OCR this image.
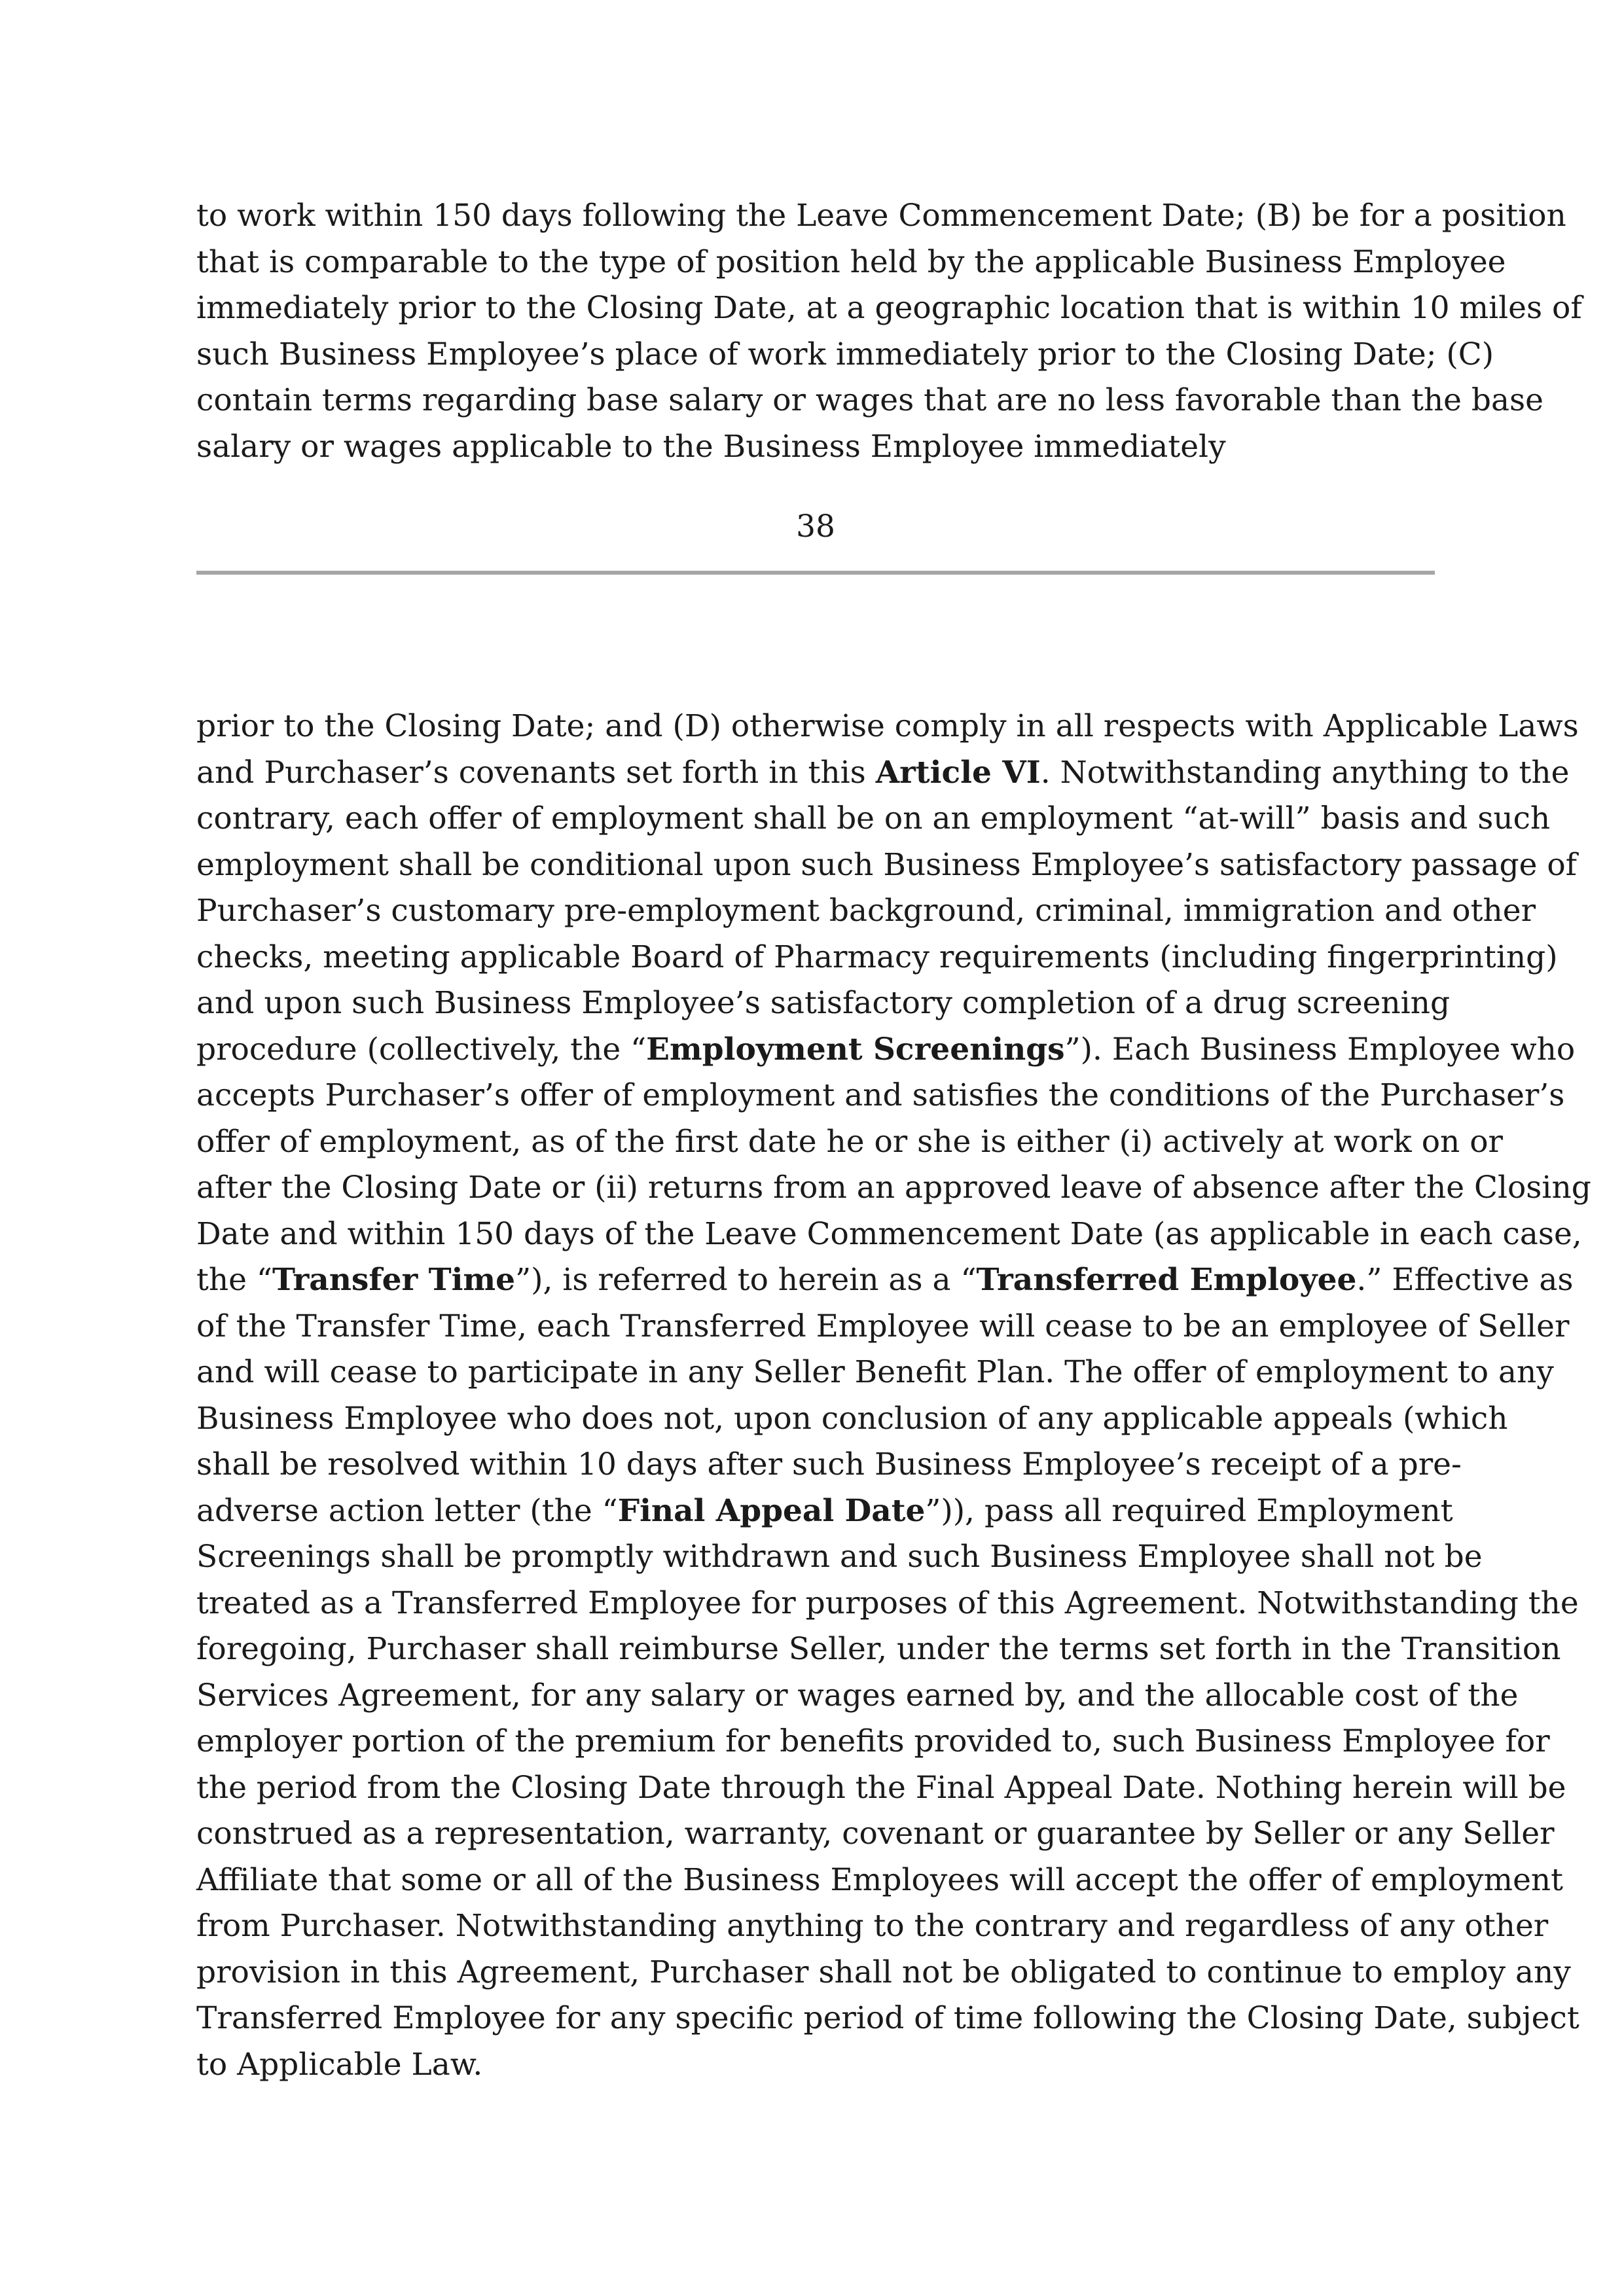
to work within 150 days following the Leave Commencement Date; (B) be for a position
that is comparable to the type of position held by the applicable Business Employee
immediately prior to the Closing Date, at a geographic location that is within 10 miles of
such Business Employee’s place of work immediately prior to the Closing Date; (C)
contain terms regarding base salary or wages that are no less favorable than the base
salary or wages applicable to the Business Employee immediately
38
prior to the Closing Date; and (D) otherwise comply in all respects with Applicable Laws
and Purchaser’s covenants set forth in this Article VI. Notwithstanding anything to the
contrary, each offer of employment shall be on an employment “at-will” basis and such
employment shall be conditional upon such Business Employee’s satisfactory passage of
Purchaser’s customary pre-employment background, criminal, immigration and other
checks, meeting applicable Board of Pharmacy requirements (including fingerprinting)
and upon such Business Employee’s satisfactory completion of a drug screening
procedure (collectively, the “Employment Screenings”). Each Business Employee who
accepts Purchaser’s offer of employment and satisfies the conditions of the Purchaser’s
offer of employment, as of the first date he or she is either (i) actively at work on or
after the Closing Date or (ii) returns from an approved leave of absence after the Closing
Date and within 150 days of the Leave Commencement Date (as applicable in each case,
the “Transfer Time”), is referred to herein as a “Transferred Employee.” Effective as
of the Transfer Time, each Transferred Employee will cease to be an employee of Seller
and will cease to participate in any Seller Benefit Plan. The offer of employment to any
Business Employee who does not, upon conclusion of any applicable appeals (which
shall be resolved within 10 days after such Business Employee’s receipt of a pre-
adverse action letter (the “Final Appeal Date”)), pass all required Employment
Screenings shall be promptly withdrawn and such Business Employee shall not be
treated as a Transferred Employee for purposes of this Agreement. Notwithstanding the
foregoing, Purchaser shall reimburse Seller, under the terms set forth in the Transition
Services Agreement, for any salary or wages earned by, and the allocable cost of the
employer portion of the premium for benefits provided to, such Business Employee for
the period from the Closing Date through the Final Appeal Date. Nothing herein will be
construed as a representation, warranty, covenant or guarantee by Seller or any Seller
Affiliate that some or all of the Business Employees will accept the offer of employment
from Purchaser. Notwithstanding anything to the contrary and regardless of any other
provision in this Agreement, Purchaser shall not be obligated to continue to employ any
Transferred Employee for any specific period of time following the Closing Date, subject
to Applicable Law.
